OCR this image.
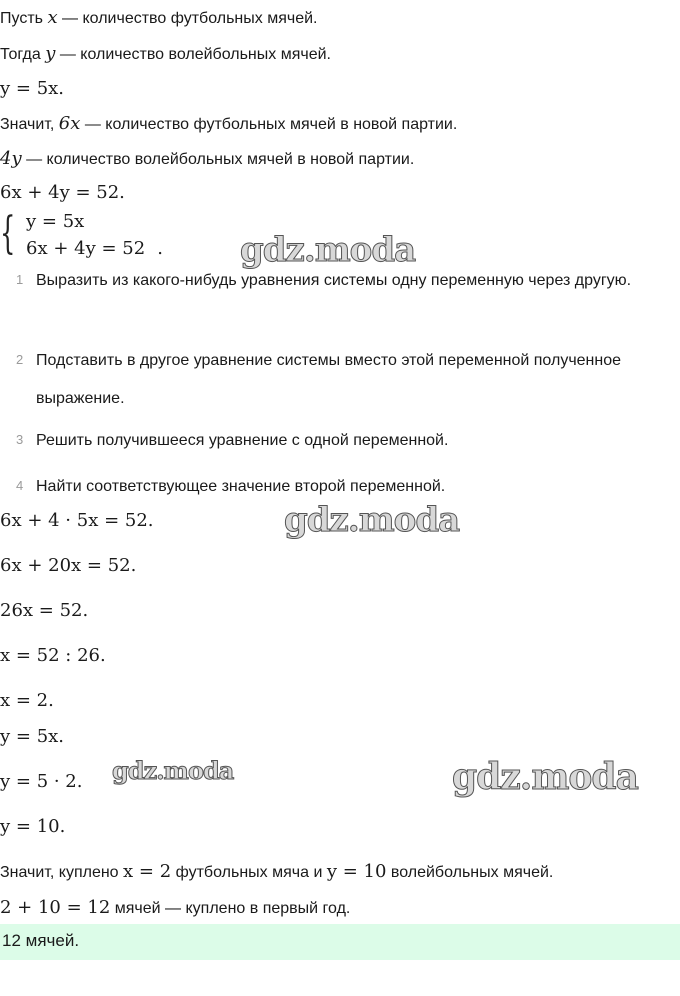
Пусть x — количество футбольных мячей.
Тогда y — количество волейбольных мячей.
y = 5x.
Значит, 6x — количество футбольных мячей в новой партии.
4y — количество волейбольных мячей в новой партии.
6x + 4y = 52.
{ y = 5x
6x + 4y = 52 .
1 Выразить из какого-нибудь уравнения системы одну переменную через другую.
2 Подставить в другое уравнение системы вместо этой переменной полученное выражение.
3 Решить получившееся уравнение с одной переменной.
4 Найти соответствующее значение второй переменной.
6x + 4 · 5x = 52.
6x + 20x = 52.
26x = 52.
x = 52 : 26.
x = 2.
y = 5x.
y = 5 · 2.
y = 10.
Значит, куплено x = 2 футбольных мяча и y = 10 волейбольных мячей.
2 + 10 = 12 мячей — куплено в первый год.
12 мячей.
gdz.moda
gdz.moda
gdz.moda	gdz.moda
